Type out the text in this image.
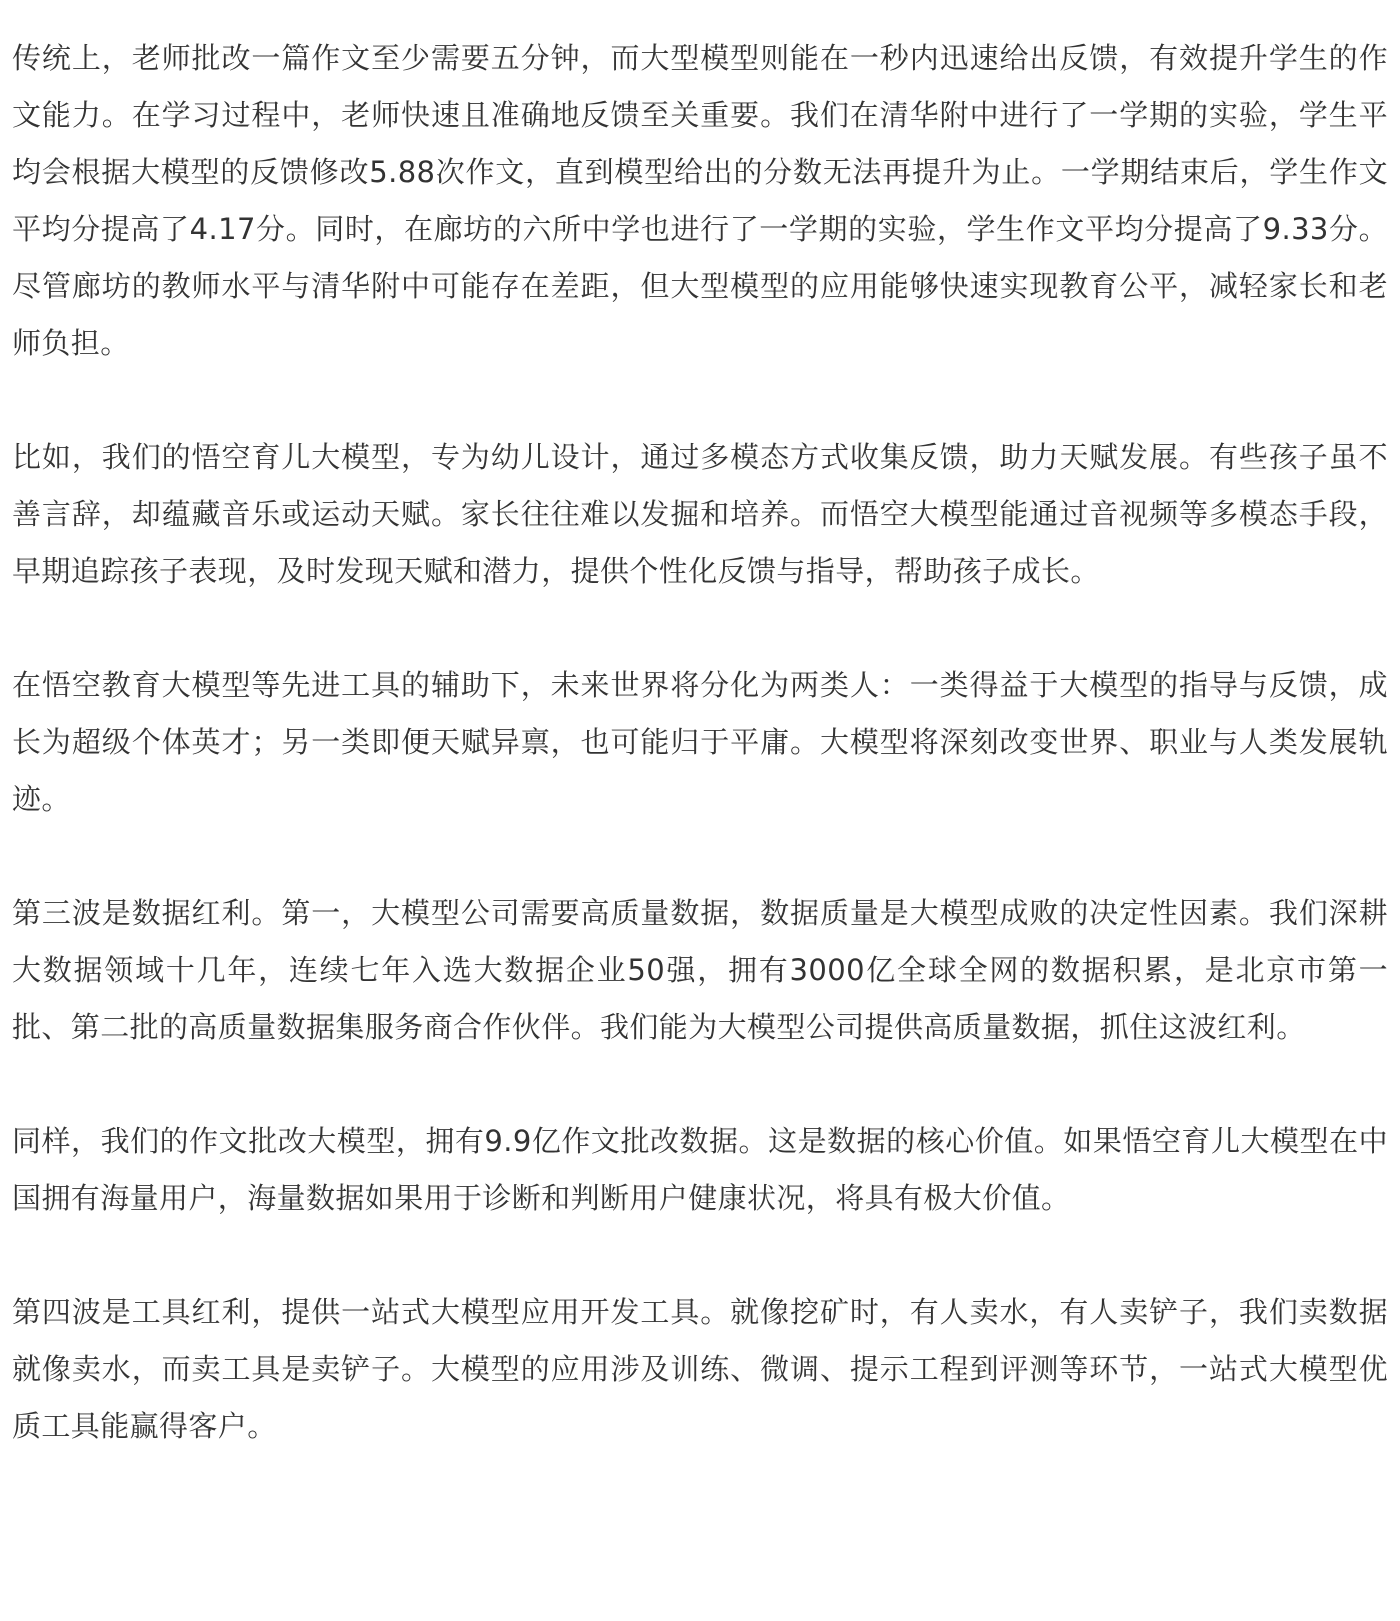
传统上，老师批改一篇作文至少需要五分钟，而大型模型则能在一秒内迅速给出反馈，有效提升学生的作文能力。在学习过程中，老师快速且准确地反馈至关重要。我们在清华附中进行了一学期的实验，学生平均会根据大模型的反馈修改5.88次作文，直到模型给出的分数无法再提升为止。一学期结束后，学生作文平均分提高了4.17分。同时，在廊坊的六所中学也进行了一学期的实验，学生作文平均分提高了9.33分。尽管廊坊的教师水平与清华附中可能存在差距，但大型模型的应用能够快速实现教育公平，减轻家长和老师负担。

比如，我们的悟空育儿大模型，专为幼儿设计，通过多模态方式收集反馈，助力天赋发展。有些孩子虽不善言辞，却蕴藏音乐或运动天赋。家长往往难以发掘和培养。而悟空大模型能通过音视频等多模态手段，早期追踪孩子表现，及时发现天赋和潜力，提供个性化反馈与指导，帮助孩子成长。

在悟空教育大模型等先进工具的辅助下，未来世界将分化为两类人：一类得益于大模型的指导与反馈，成长为超级个体英才；另一类即便天赋异禀，也可能归于平庸。大模型将深刻改变世界、职业与人类发展轨迹。

第三波是数据红利。第一，大模型公司需要高质量数据，数据质量是大模型成败的决定性因素。我们深耕大数据领域十几年，连续七年入选大数据企业50强，拥有3000亿全球全网的数据积累，是北京市第一批、第二批的高质量数据集服务商合作伙伴。我们能为大模型公司提供高质量数据，抓住这波红利。

同样，我们的作文批改大模型，拥有9.9亿作文批改数据。这是数据的核心价值。如果悟空育儿大模型在中国拥有海量用户，海量数据如果用于诊断和判断用户健康状况，将具有极大价值。

第四波是工具红利，提供一站式大模型应用开发工具。就像挖矿时，有人卖水，有人卖铲子，我们卖数据就像卖水，而卖工具是卖铲子。大模型的应用涉及训练、微调、提示工程到评测等环节，一站式大模型优质工具能赢得客户。
